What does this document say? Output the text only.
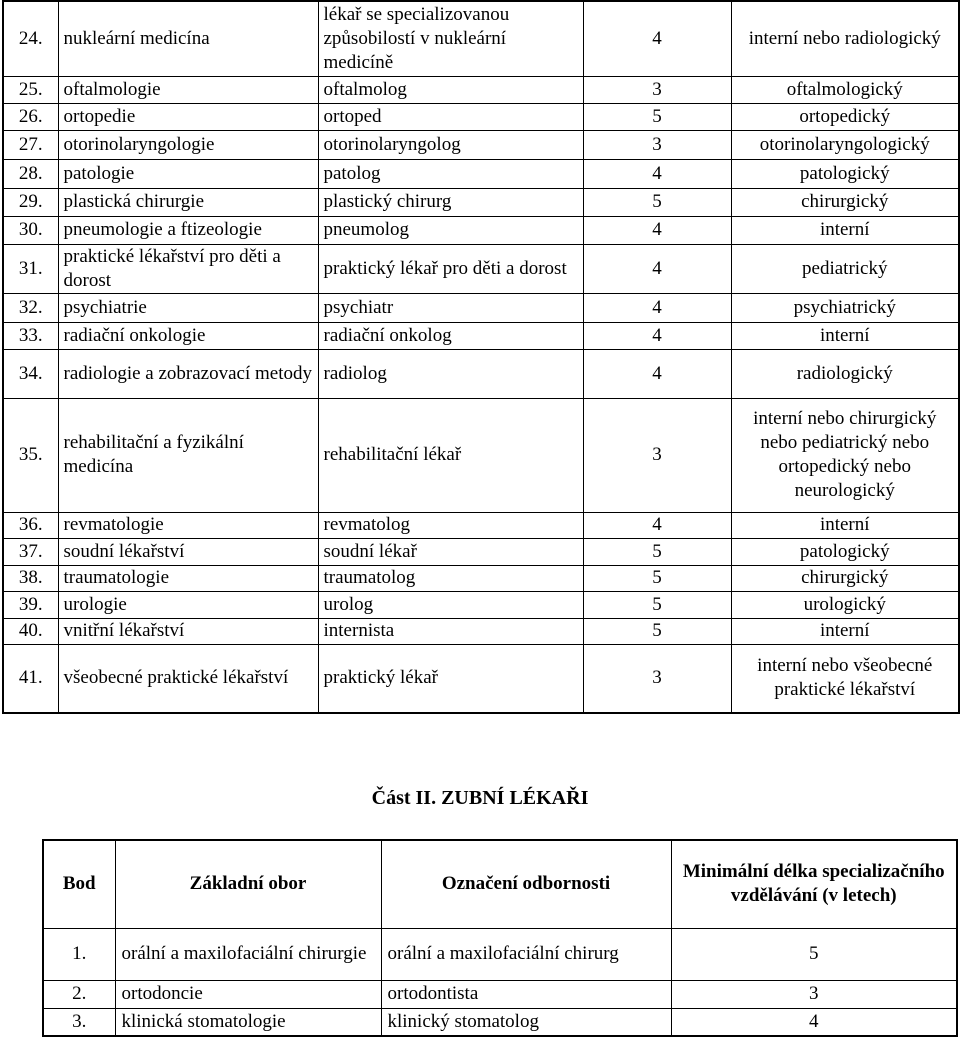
24.	nukleární medicína	lékař se specializovanou způsobilostí v nukleární medicíně	4	interní nebo radiologický
25.	oftalmologie	oftalmolog	3	oftalmologický
26.	ortopedie	ortoped	5	ortopedický
27.	otorinolaryngologie	otorinolaryngolog	3	otorinolaryngologický
28.	patologie	patolog	4	patologický
29.	plastická chirurgie	plastický chirurg	5	chirurgický
30.	pneumologie a ftizeologie	pneumolog	4	interní
31.	praktické lékařství pro děti a dorost	praktický lékař pro děti a dorost	4	pediatrický
32.	psychiatrie	psychiatr	4	psychiatrický
33.	radiační onkologie	radiační onkolog	4	interní
34.	radiologie a zobrazovací metody	radiolog	4	radiologický
35.	rehabilitační a fyzikální medicína	rehabilitační lékař	3	interní nebo chirurgický nebo pediatrický nebo ortopedický nebo neurologický
36.	revmatologie	revmatolog	4	interní
37.	soudní lékařství	soudní lékař	5	patologický
38.	traumatologie	traumatolog	5	chirurgický
39.	urologie	urolog	5	urologický
40.	vnitřní lékařství	internista	5	interní
41.	všeobecné praktické lékařství	praktický lékař	3	interní nebo všeobecné praktické lékařství
Část II. ZUBNÍ LÉKAŘI
Bod	Základní obor	Označení odbornosti	Minimální délka specializačního vzdělávání (v letech)
1.	orální a maxilofaciální chirurgie	orální a maxilofaciální chirurg	5
2.	ortodoncie	ortodontista	3
3.	klinická stomatologie	klinický stomatolog	4
